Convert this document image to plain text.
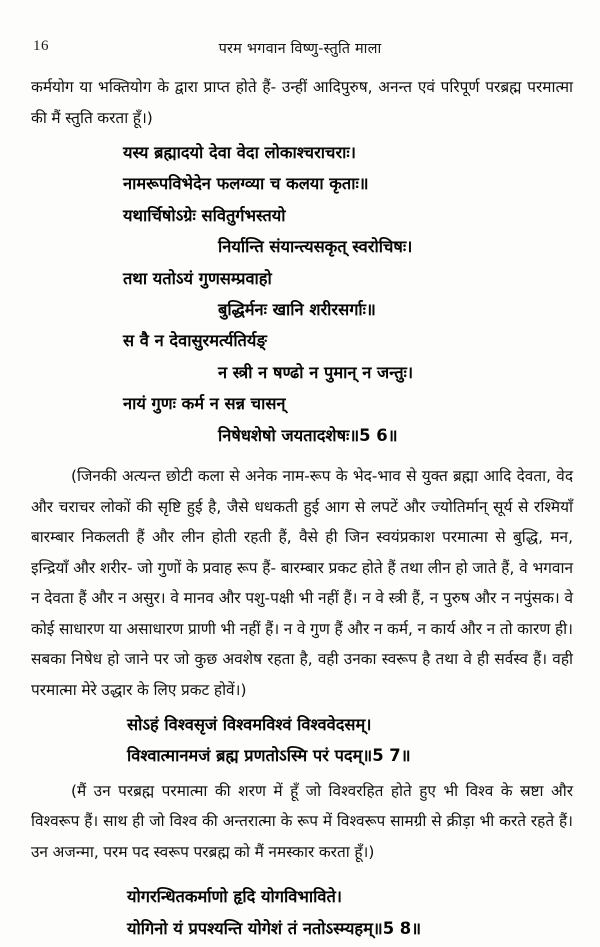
16	परम भगवान विष्णु-स्तुति माला

कर्मयोग या भक्तियोग के द्वारा प्राप्त होते हैं- उन्हीं आदिपुरुष, अनन्त एवं परिपूर्ण परब्रह्म परमात्मा की मैं स्तुति करता हूँ।)

यस्य ब्रह्मादयो देवा वेदा लोकाश्चराचराः।
नामरूपविभेदेन फलग्व्या च कलया कृताः॥
यथार्चिषोऽग्रेः सवितुर्गभस्तयो
निर्यान्ति संयान्त्यसकृत् स्वरोचिषः।
तथा यतोऽयं गुणसम्प्रवाहो
बुद्धिर्मनः खानि शरीरसर्गाः॥
स वै न देवासुरमर्त्यतिर्यङ्
न स्त्री न षण्ढो न पुमान् न जन्तुः।
नायं गुणः कर्म न सन्न चासन्
निषेधशेषो जयतादशेषः॥5 6॥

(जिनकी अत्यन्त छोटी कला से अनेक नाम-रूप के भेद-भाव से युक्त ब्रह्मा आदि देवता, वेद और चराचर लोकों की सृष्टि हुई है, जैसे धधकती हुई आग से लपटें और ज्योतिर्मान् सूर्य से रश्मियाँ बारम्बार निकलती हैं और लीन होती रहती हैं, वैसे ही जिन स्वयंप्रकाश परमात्मा से बुद्धि, मन, इन्द्रियाँ और शरीर- जो गुणों के प्रवाह रूप हैं- बारम्बार प्रकट होते हैं तथा लीन हो जाते हैं, वे भगवान न देवता हैं और न असुर। वे मानव और पशु-पक्षी भी नहीं हैं। न वे स्त्री हैं, न पुरुष और न नपुंसक। वे कोई साधारण या असाधारण प्राणी भी नहीं हैं। न वे गुण हैं और न कर्म, न कार्य और न तो कारण ही। सबका निषेध हो जाने पर जो कुछ अवशेष रहता है, वही उनका स्वरूप है तथा वे ही सर्वस्व हैं। वही परमात्मा मेरे उद्धार के लिए प्रकट होवें।)

सोऽहं विश्वसृजं विश्वमविश्वं विश्ववेदसम्।
विश्वात्मानमजं ब्रह्म प्रणतोऽस्मि परं पदम्॥5 7॥

(मैं उन परब्रह्म परमात्मा की शरण में हूँ जो विश्वरहित होते हुए भी विश्व के स्रष्टा और विश्वरूप हैं। साथ ही जो विश्व की अन्तरात्मा के रूप में विश्वरूप सामग्री से क्रीड़ा भी करते रहते हैं। उन अजन्मा, परम पद स्वरूप परब्रह्म को मैं नमस्कार करता हूँ।)

योगरन्धितकर्माणो हृदि योगविभाविते।
योगिनो यं प्रपश्यन्ति योगेशं तं नतोऽस्म्यहम्॥5 8॥
